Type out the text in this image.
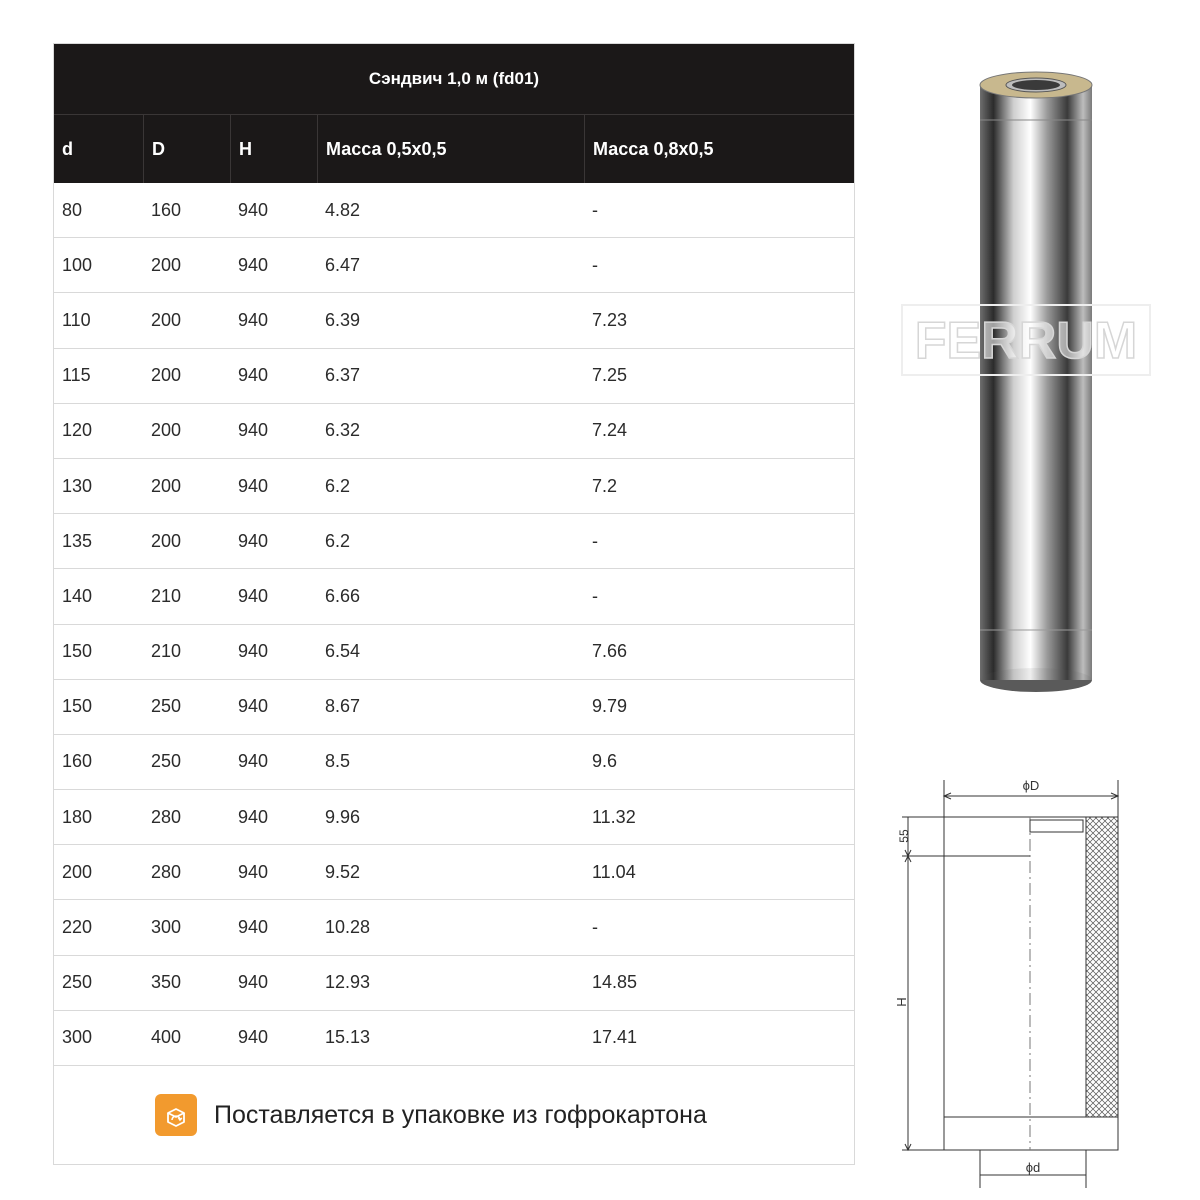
Сэндвич 1,0 м (fd01)
d	D	H	Масса 0,5х0,5	Масса 0,8х0,5
80	160	940	4.82	-
100	200	940	6.47	-
110	200	940	6.39	7.23
115	200	940	6.37	7.25
120	200	940	6.32	7.24
130	200	940	6.2	7.2
135	200	940	6.2	-
140	210	940	6.66	-
150	210	940	6.54	7.66
150	250	940	8.67	9.79
160	250	940	8.5	9.6
180	280	940	9.96	11.32
200	280	940	9.52	11.04
220	300	940	10.28	-
250	350	940	12.93	14.85
300	400	940	15.13	17.41
Поставляется в упаковке из гофрокартона
FERRUM
ϕD
ϕd
55
H
